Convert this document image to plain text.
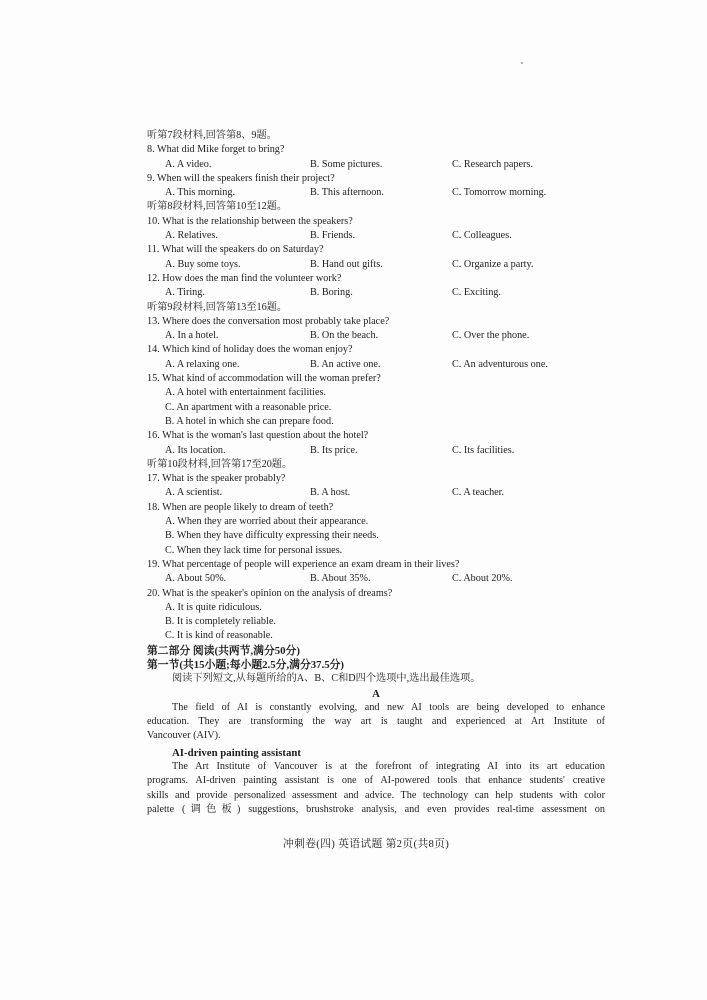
听第7段材料,回答第8、9题。
8. What did Mike forget to bring?
A. A video.	B. Some pictures.	C. Research papers.
9. When will the speakers finish their project?
A. This morning.	B. This afternoon.	C. Tomorrow morning.
听第8段材料,回答第10至12题。
10. What is the relationship between the speakers?
A. Relatives.	B. Friends.	C. Colleagues.
11. What will the speakers do on Saturday?
A. Buy some toys.	B. Hand out gifts.	C. Organize a party.
12. How does the man find the volunteer work?
A. Tiring.	B. Boring.	C. Exciting.
听第9段材料,回答第13至16题。
13. Where does the conversation most probably take place?
A. In a hotel.	B. On the beach.	C. Over the phone.
14. Which kind of holiday does the woman enjoy?
A. A relaxing one.	B. An active one.	C. An adventurous one.
15. What kind of accommodation will the woman prefer?
A. A hotel with entertainment facilities.
C. An apartment with a reasonable price.
B. A hotel in which she can prepare food.
16. What is the woman's last question about the hotel?
A. Its location.	B. Its price.	C. Its facilities.
听第10段材料,回答第17至20题。
17. What is the speaker probably?
A. A scientist.	B. A host.	C. A teacher.
18. When are people likely to dream of teeth?
A. When they are worried about their appearance.
B. When they have difficulty expressing their needs.
C. When they lack time for personal issues.
19. What percentage of people will experience an exam dream in their lives?
A. About 50%.	B. About 35%.	C. About 20%.
20. What is the speaker's opinion on the analysis of dreams?
A. It is quite ridiculous.
B. It is completely reliable.
C. It is kind of reasonable.
第二部分 阅读(共两节,满分50分)
第一节(共15小题;每小题2.5分,满分37.5分)
阅读下列短文,从每题所给的A、B、C和D四个选项中,选出最佳选项。
A
The field of AI is constantly evolving, and new AI tools are being developed to enhance
education. They are transforming the way art is taught and experienced at Art Institute of
Vancouver (AIV).
AI-driven painting assistant
The Art Institute of Vancouver is at the forefront of integrating AI into its art education
programs. AI-driven painting assistant is one of AI-powered tools that enhance students' creative
skills and provide personalized assessment and advice. The technology can help students with color
palette (调色板) suggestions, brushstroke analysis, and even provides real-time assessment on
冲刺卷(四) 英语试题 第2页(共8页)
